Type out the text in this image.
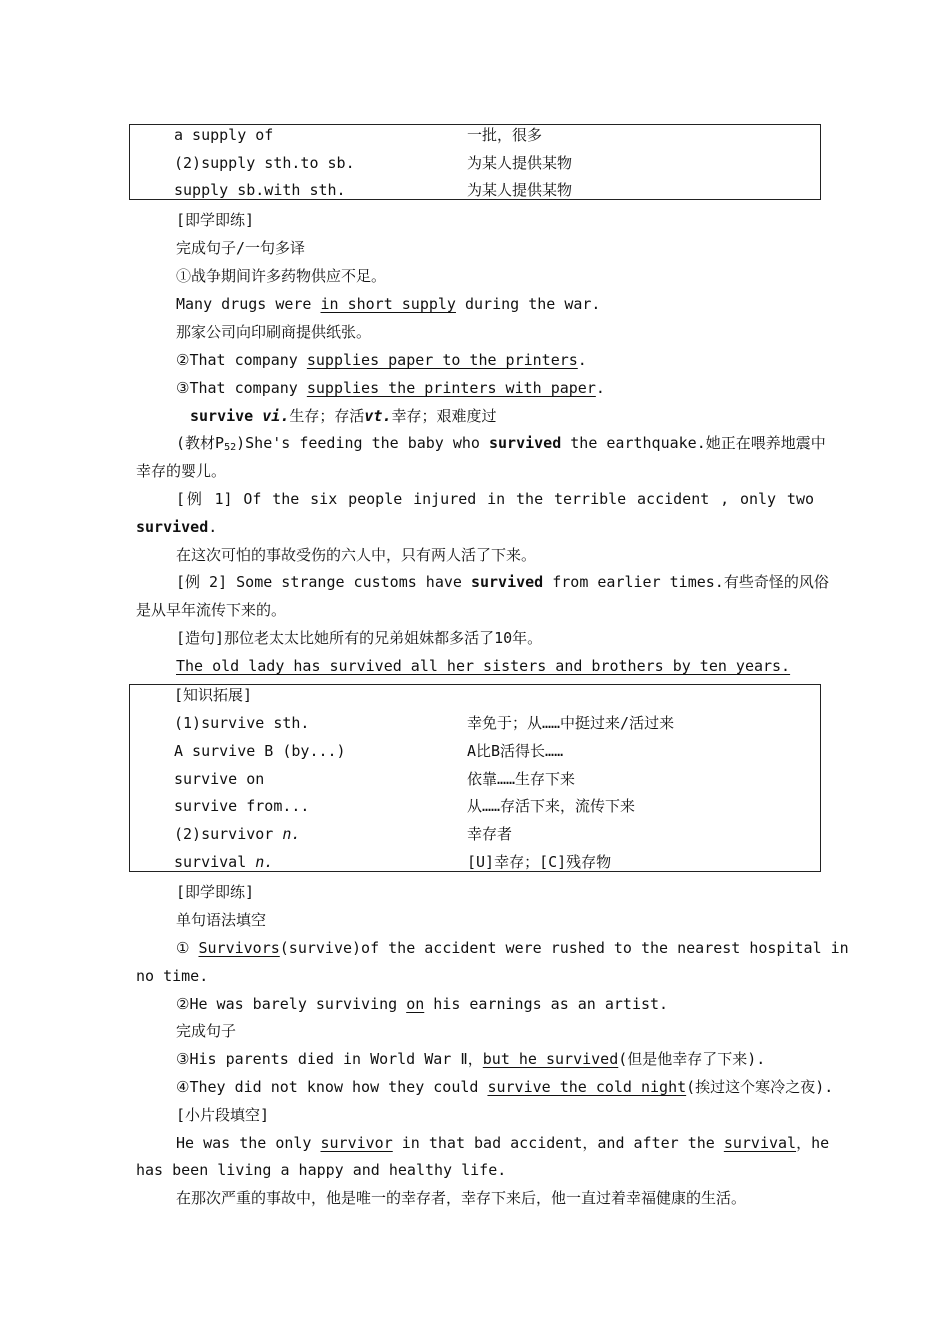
a supply of	一批，很多
(2)supply sth.to sb.	为某人提供某物
supply sb.with sth.	为某人提供某物
[即学即练]
完成句子/一句多译
①战争期间许多药物供应不足。
Many drugs were in short supply during the war.
那家公司向印刷商提供纸张。
②That company supplies paper to the printers.
③That company supplies the printers with paper.
survive vi.生存；存活vt.幸存；艰难度过
(教材$P_{52})She's$ feeding the baby who survived the earthquake.她正在喂养地震中
幸存的婴儿。
[例 1] Of the six people injured in the terrible accident , only two
survived.
在这次可怕的事故受伤的六人中，只有两人活了下来。
[例 2] Some strange customs have survived from earlier times.有些奇怪的风俗
是从早年流传下来的。
[造句]那位老太太比她所有的兄弟姐妹都多活了10年。
The old lady has survived all her sisters and brothers by ten years.
[知识拓展]
(1)survive sth.	幸免于；从……中挺过来/活过来
A survive B (by...)	A比B活得长……
survive on	依靠……生存下来
survive from...	从……存活下来，流传下来
(2)survivor n.	幸存者
survival n.	[U]幸存；[C]残存物
[即学即练]
单句语法填空
① Survivors(survive)of the accident were rushed to the nearest hospital in
no time.
②He was barely surviving on his earnings as an artist.
完成句子
③His parents died in World War Ⅱ，but he survived(但是他幸存了下来).
④They did not know how they could survive the cold night(挨过这个寒冷之夜).
[小片段填空]
He was the only survivor in that bad accident，and after the survival，he
has been living a happy and healthy life.
在那次严重的事故中，他是唯一的幸存者，幸存下来后，他一直过着幸福健康的生活。
